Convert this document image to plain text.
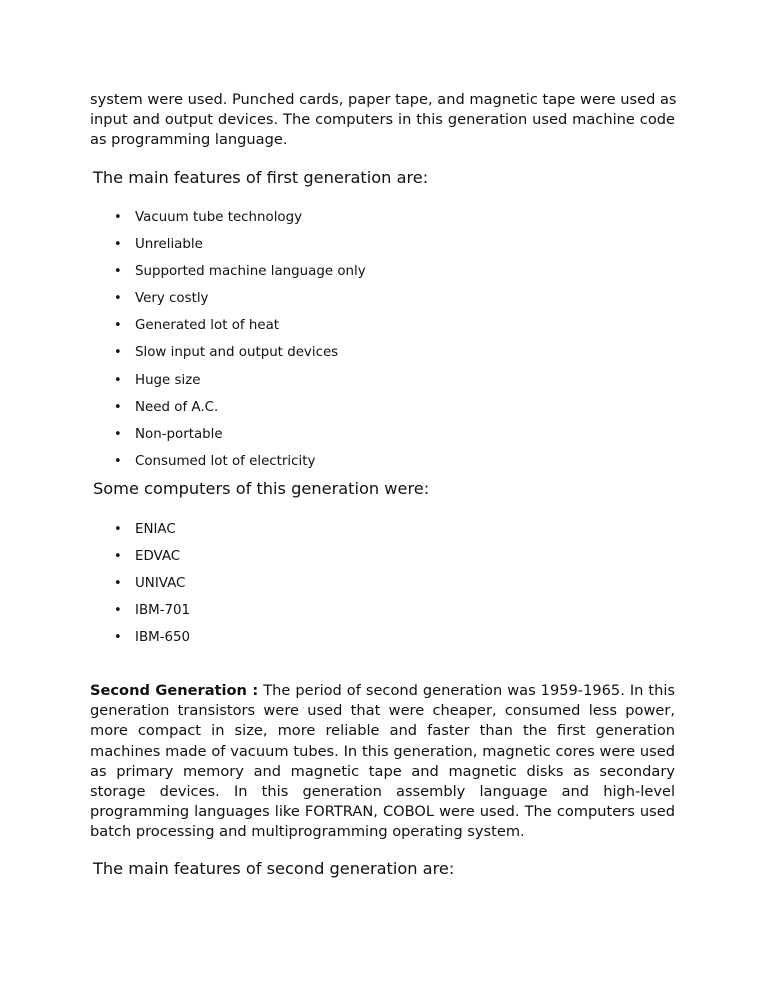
system were used. Punched cards, paper tape, and magnetic tape were used as
input and output devices. The computers in this generation used machine code
as programming language.

The main features of first generation are:

• Vacuum tube technology
• Unreliable
• Supported machine language only
• Very costly
• Generated lot of heat
• Slow input and output devices
• Huge size
• Need of A.C.
• Non-portable
• Consumed lot of electricity

Some computers of this generation were:

• ENIAC
• EDVAC
• UNIVAC
• IBM-701
• IBM-650

Second Generation : The period of second generation was 1959-1965. In this
generation transistors were used that were cheaper, consumed less power,
more compact in size, more reliable and faster than the first generation
machines made of vacuum tubes. In this generation, magnetic cores were used
as primary memory and magnetic tape and magnetic disks as secondary
storage devices. In this generation assembly language and high-level
programming languages like FORTRAN, COBOL were used. The computers used
batch processing and multiprogramming operating system.

The main features of second generation are:
